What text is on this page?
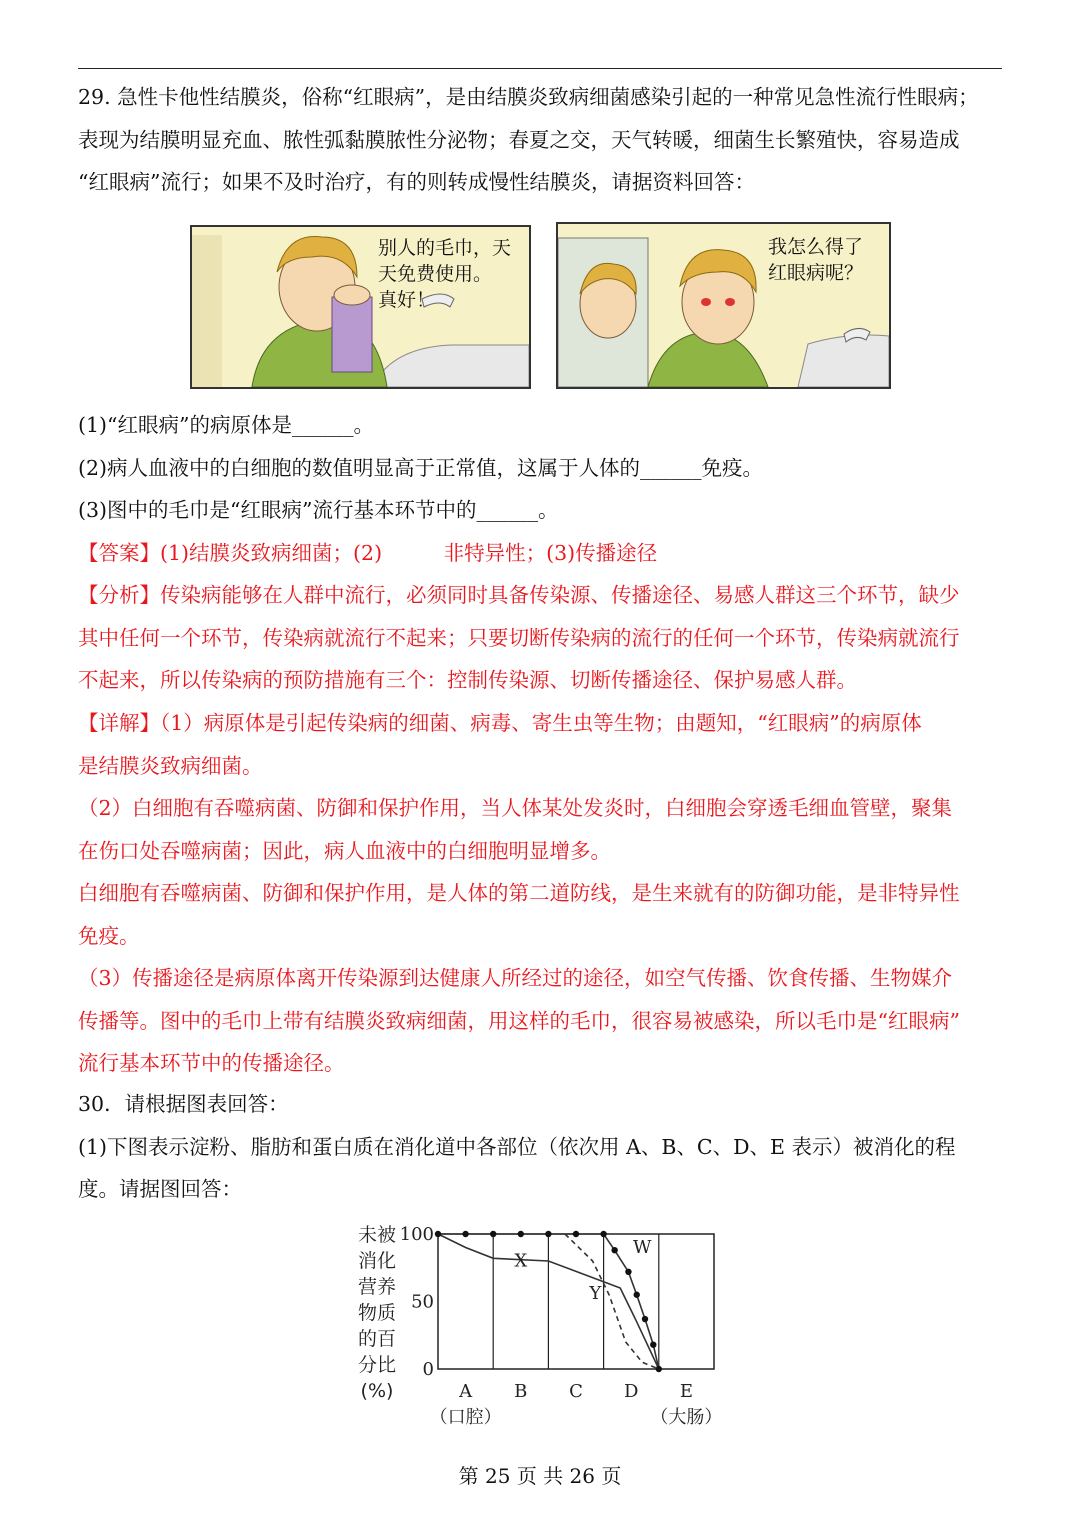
29. 急性卡他性结膜炎，俗称“红眼病”，是由结膜炎致病细菌感染引起的一种常见急性流行性眼病；
表现为结膜明显充血、脓性弧黏膜脓性分泌物；春夏之交，天气转暖，细菌生长繁殖快，容易造成
“红眼病”流行；如果不及时治疗，有的则转成慢性结膜炎，请据资料回答：

别人的毛巾，天
天免费使用。
真好！
我怎么得了
红眼病呢？

(1)“红眼病”的病原体是______。
(2)病人血液中的白细胞的数值明显高于正常值，这属于人体的______免疫。
(3)图中的毛巾是“红眼病”流行基本环节中的______。

【答案】(1)结膜炎致病细菌；(2)　　　非特异性；(3)传播途径

【分析】传染病能够在人群中流行，必须同时具备传染源、传播途径、易感人群这三个环节，缺少
其中任何一个环节，传染病就流行不起来；只要切断传染病的流行的任何一个环节，传染病就流行
不起来，所以传染病的预防措施有三个：控制传染源、切断传播途径、保护易感人群。

【详解】（1）病原体是引起传染病的细菌、病毒、寄生虫等生物；由题知，“红眼病”的病原体
是结膜炎致病细菌。
（2）白细胞有吞噬病菌、防御和保护作用，当人体某处发炎时，白细胞会穿透毛细血管壁，聚集
在伤口处吞噬病菌；因此，病人血液中的白细胞明显增多。
白细胞有吞噬病菌、防御和保护作用，是人体的第二道防线，是生来就有的防御功能，是非特异性
免疫。
（3）传播途径是病原体离开传染源到达健康人所经过的途径，如空气传播、饮食传播、生物媒介
传播等。图中的毛巾上带有结膜炎致病细菌，用这样的毛巾，很容易被感染，所以毛巾是“红眼病”
流行基本环节中的传播途径。

30．请根据图表回答：
(1)下图表示淀粉、脂肪和蛋白质在消化道中各部位（依次用 A、B、C、D、E 表示）被消化的程
度。请据图回答：

未被
消化
营养
物质
的百
分比
(%)
100
50
0
A
（口腔）
B C D E
（大肠）
X
Y
W
第 25 页 共 26 页
